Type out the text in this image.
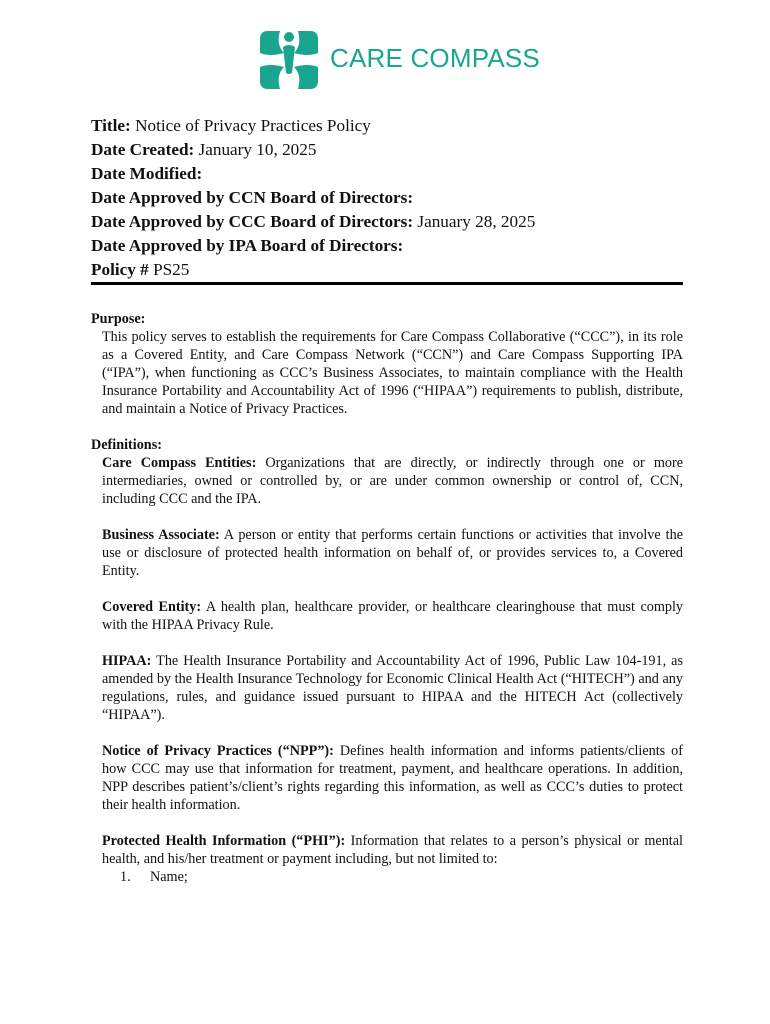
CARE COMPASS
Title: Notice of Privacy Practices Policy
Date Created: January 10, 2025
Date Modified:
Date Approved by CCN Board of Directors:
Date Approved by CCC Board of Directors: January 28, 2025
Date Approved by IPA Board of Directors:
Policy # PS25
Purpose:

This policy serves to establish the requirements for Care Compass Collaborative (“CCC”), in its role as a Covered Entity, and Care Compass Network (“CCN”) and Care Compass Supporting IPA (“IPA”), when functioning as CCC’s Business Associates, to maintain compliance with the Health Insurance Portability and Accountability Act of 1996 (“HIPAA”) requirements to publish, distribute, and maintain a Notice of Privacy Practices.

Definitions:

Care Compass Entities: Organizations that are directly, or indirectly through one or more intermediaries, owned or controlled by, or are under common ownership or control of, CCN, including CCC and the IPA.

Business Associate: A person or entity that performs certain functions or activities that involve the use or disclosure of protected health information on behalf of, or provides services to, a Covered Entity.

Covered Entity: A health plan, healthcare provider, or healthcare clearinghouse that must comply with the HIPAA Privacy Rule.

HIPAA: The Health Insurance Portability and Accountability Act of 1996, Public Law 104-191, as amended by the Health Insurance Technology for Economic Clinical Health Act (“HITECH”) and any regulations, rules, and guidance issued pursuant to HIPAA and the HITECH Act (collectively “HIPAA”).

Notice of Privacy Practices (“NPP”): Defines health information and informs patients/clients of how CCC may use that information for treatment, payment, and healthcare operations. In addition, NPP describes patient’s/client’s rights regarding this information, as well as CCC’s duties to protect their health information.

Protected Health Information (“PHI”): Information that relates to a person’s physical or mental health, and his/her treatment or payment including, but not limited to:

1. Name;
